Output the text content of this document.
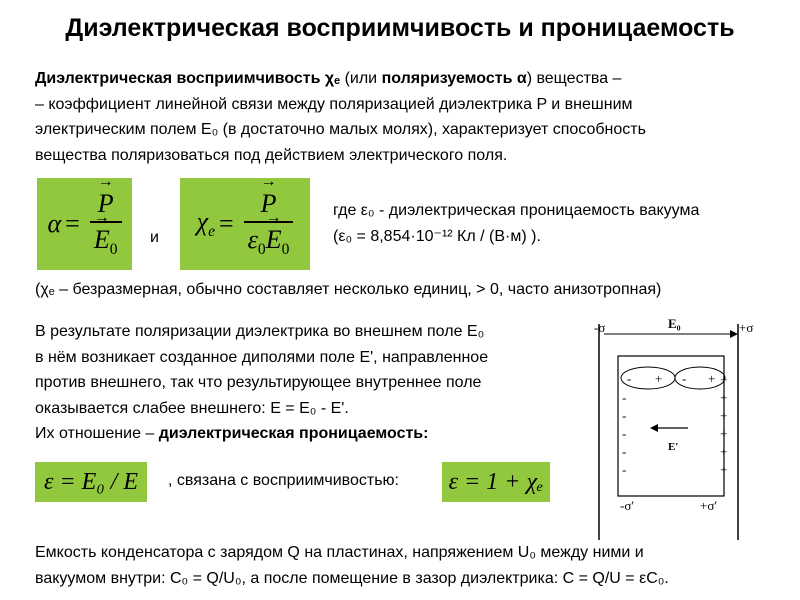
Диэлектрическая восприимчивость и проницаемость
Диэлектрическая восприимчивость χₑ (или поляризуемость α) вещества –
– коэффициент линейной связи между поляризацией диэлектрика P и внешним
электрическим полем E₀ (в достаточно малых молях), характеризует способность
вещества поляризоваться под действием электрического поля.
α = → P
→ $E_0$ и
$\chi_e$ = → $\frac{P}{\varepsilon_0\to E_0}$ где ε₀ - диэлектрическая проницаемость вакуума
(ε₀ = 8,854·10⁻¹² Кл / (В·м) ).
(χₑ – безразмерная, обычно составляет несколько единиц, > 0, часто анизотропная)
В результате поляризации диэлектрика во внешнем поле E₀
в нём возникает созданное диполями поле E', направленное
против внешнего, так что результирующее внутреннее поле
оказывается слабее внешнего: E = E₀ - E'.
Их отношение – диэлектрическая проницаемость:
ε = E₀ / E	, связана с восприимчивостью: ε = 1 + χₑ
Емкость конденсатора с зарядом Q на пластинах, напряжением U₀ между ними и
вакуумом внутри: C₀ = Q/U₀, а после помещение в зазор диэлектрика: C = Q/U = εC₀.
-σ	+σ
E₀
- + - +
-
-
-
-
-
+
+
+
+
+
+
E′
-σ′	+σ′
